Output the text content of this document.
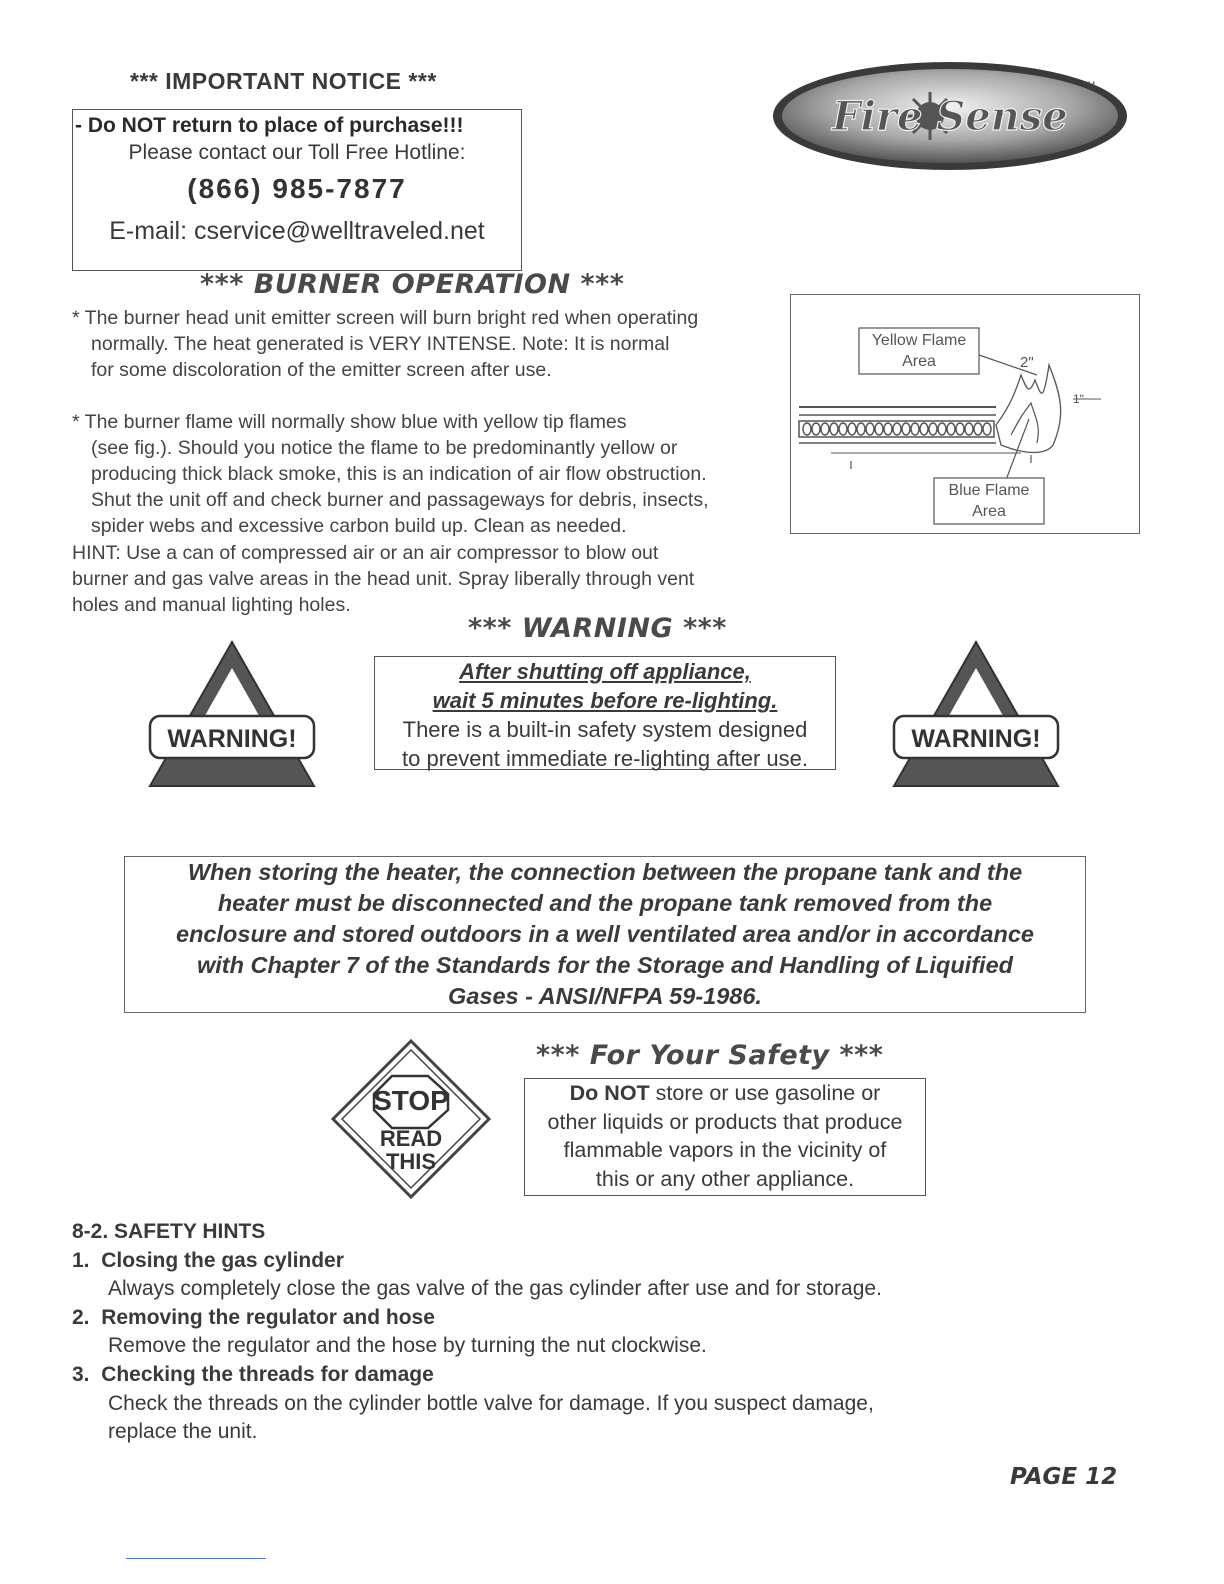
*** IMPORTANT NOTICE ***
- Do NOT return to place of purchase!!!
Please contact our Toll Free Hotline:
(866) 985-7877
E-mail: cservice@welltraveled.net
Fire Sense
TM
*** BURNER OPERATION ***
* The burner head unit emitter screen will burn bright red when operating
normally. The heat generated is VERY INTENSE. Note: It is normal
for some discoloration of the emitter screen after use.
* The burner flame will normally show blue with yellow tip flames
(see fig.). Should you notice the flame to be predominantly yellow or
producing thick black smoke, this is an indication of air flow obstruction.
Shut the unit off and check burner and passageways for debris, insects,
spider webs and excessive carbon build up. Clean as needed.
HINT: Use a can of compressed air or an air compressor to blow out
burner and gas valve areas in the head unit. Spray liberally through vent
holes and manual lighting holes.
Yellow Flame
Area	2"
1"
Blue Flame
Area
*** WARNING ***
WARNING!
After shutting off appliance,
wait 5 minutes before re-lighting.
There is a built-in safety system designed
to prevent immediate re-lighting after use.
WARNING!
When storing the heater, the connection between the propane tank and the
heater must be disconnected and the propane tank removed from the
enclosure and stored outdoors in a well ventilated area and/or in accordance
with Chapter 7 of the Standards for the Storage and Handling of Liquified
Gases - ANSI/NFPA 59-1986.
STOP
READ
THIS
*** For Your Safety ***
Do NOT store or use gasoline or
other liquids or products that produce
flammable vapors in the vicinity of
this or any other appliance.
8-2. SAFETY HINTS
1. Closing the gas cylinder
Always completely close the gas valve of the gas cylinder after use and for storage.
2. Removing the regulator and hose
Remove the regulator and the hose by turning the nut clockwise.
3. Checking the threads for damage
Check the threads on the cylinder bottle valve for damage. If you suspect damage,
replace the unit.
PAGE 12
